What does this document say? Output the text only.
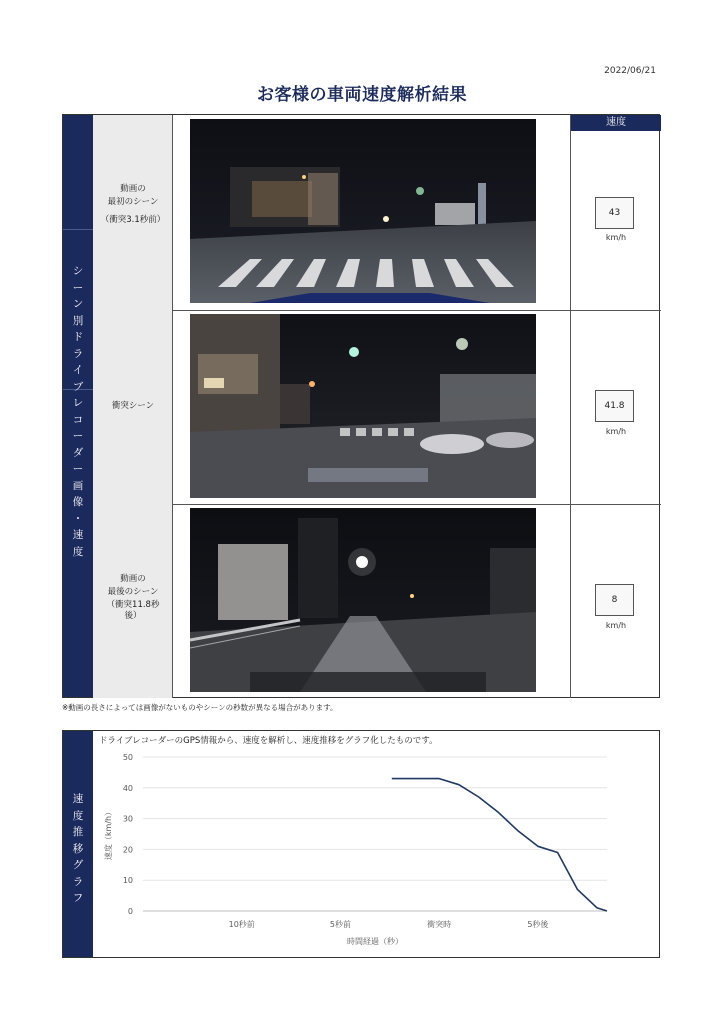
2022/06/21
お客様の車両速度解析結果
シ
ー
ン
別
ド
ラ
イ
ブ
レ
コ
ー
ダ
ー
画
像
・
速
度
速度
動画の
最初のシーン
（衝突3.1秒前）
43
km/h
衝突シーン	41.8
km/h
動画の
最後のシーン
（衝突11.8秒
後）
8
km/h
※動画の長さによっては画像がないものやシーンの秒数が異なる場合があります。
速
度
推
移
グ
ラ
フ
ドライブレコーダーのGPS情報から、速度を解析し、速度推移をグラフ化したものです。
0
10
20
30
40
50
10秒前	5秒前	衝突時	5秒後
時間経過（秒）
速度（km/h）
